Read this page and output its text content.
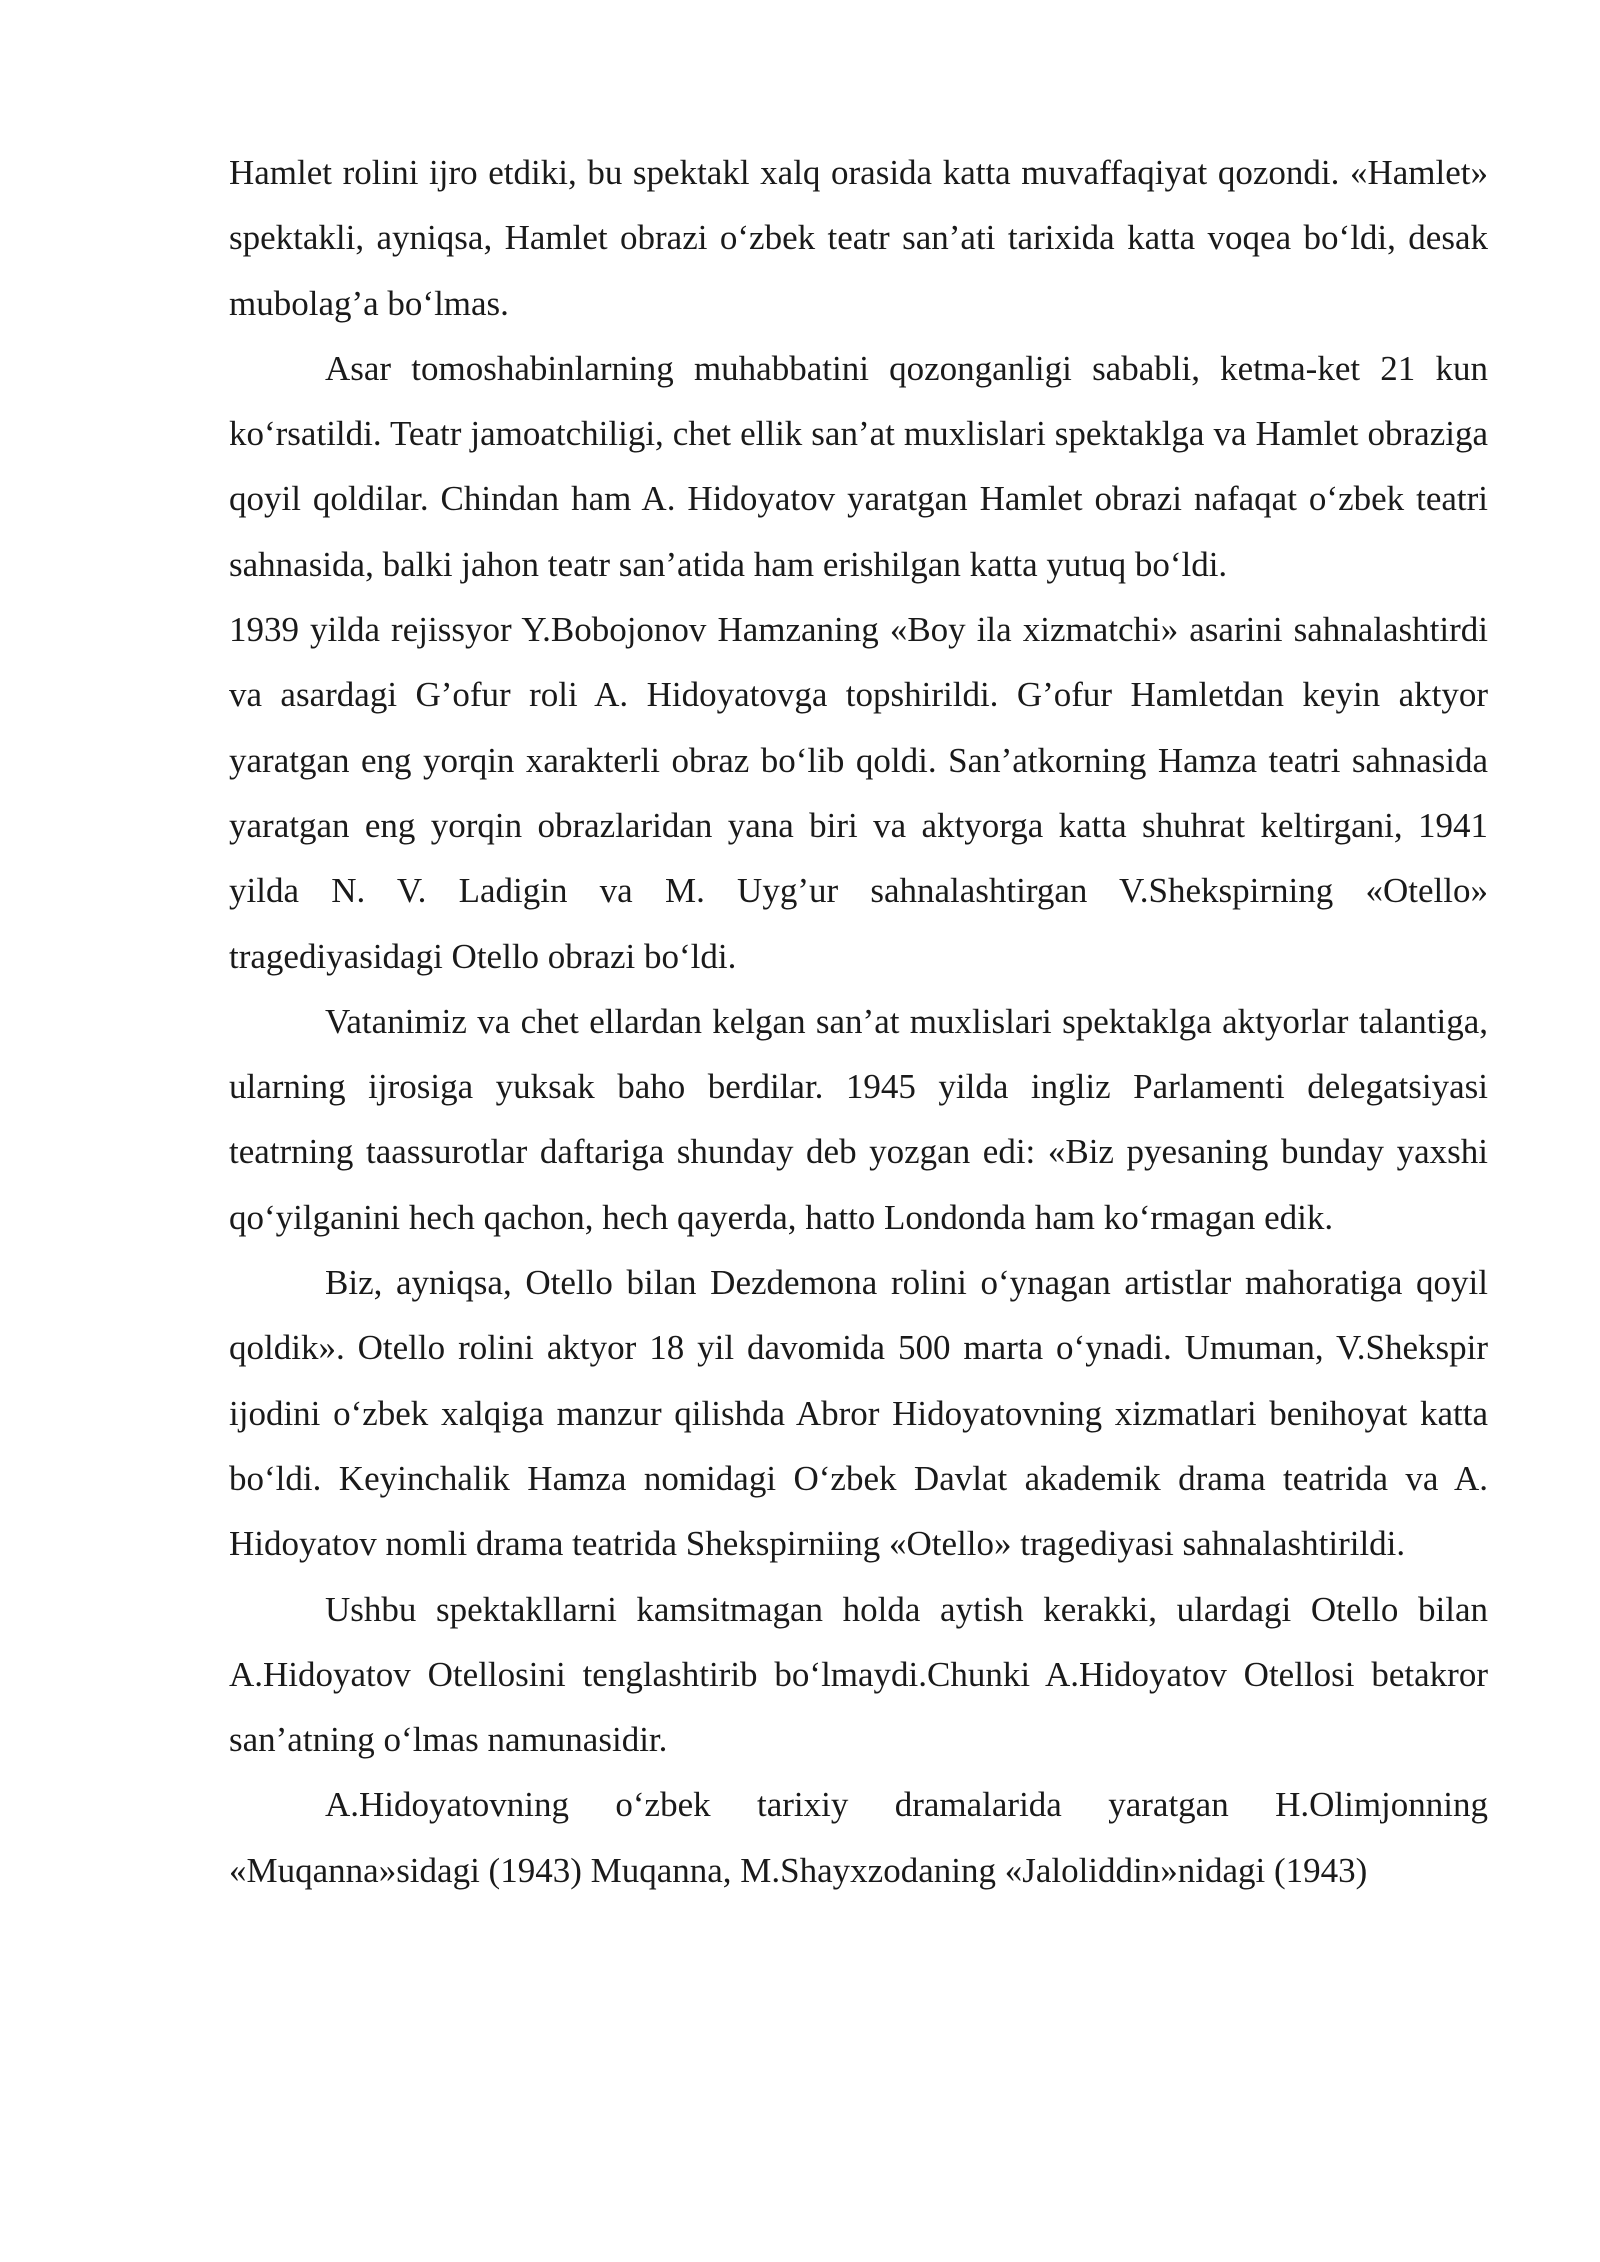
Hamlet rolini ijro etdiki, bu spektakl xalq orasida katta muvaffaqiyat qozondi. «Hamlet» spektakli, ayniqsa, Hamlet obrazi o‘zbek teatr san’ati tarixida katta voqea bo‘ldi, desak mubolag’a bo‘lmas.

Asar tomoshabinlarning muhabbatini qozonganligi sababli, ketma-ket 21 kun ko‘rsatildi. Teatr jamoatchiligi, chet ellik san’at muxlislari spektaklga va Hamlet obraziga qoyil qoldilar. Chindan ham A. Hidoyatov yaratgan Hamlet obrazi nafaqat o‘zbek teatri sahnasida, balki jahon teatr san’atida ham erishilgan katta yutuq bo‘ldi.

1939 yilda rejissyor Y.Bobojonov Hamzaning «Boy ila xizmatchi» asarini sahnalashtirdi va asardagi G’ofur roli A. Hidoyatovga topshirildi. G’ofur Hamletdan keyin aktyor yaratgan eng yorqin xarakterli obraz bo‘lib qoldi. San’atkorning Hamza teatri sahnasida yaratgan eng yorqin obrazlaridan yana biri va aktyorga katta shuhrat keltirgani, 1941 yilda N. V. Ladigin va M. Uyg’ur sahnalashtirgan V.Shekspirning «Otello» tragediyasidagi Otello obrazi bo‘ldi.

Vatanimiz va chet ellardan kelgan san’at muxlislari spektaklga aktyorlar talantiga, ularning ijrosiga yuksak baho berdilar. 1945 yilda ingliz Parlamenti delegatsiyasi teatrning taassurotlar daftariga shunday deb yozgan edi: «Biz pyesaning bunday yaxshi qo‘yilganini hech qachon, hech qayerda, hatto Londonda ham ko‘rmagan edik.

Biz, ayniqsa, Otello bilan Dezdemona rolini o‘ynagan artistlar mahoratiga qoyil qoldik». Otello rolini aktyor 18 yil davomida 500 marta o‘ynadi. Umuman, V.Shekspir ijodini o‘zbek xalqiga manzur qilishda Abror Hidoyatovning xizmatlari benihoyat katta bo‘ldi. Keyinchalik Hamza nomidagi O‘zbek Davlat akademik drama teatrida va A. Hidoyatov nomli drama teatrida Shekspirniing «Otello» tragediyasi sahnalashtirildi.

Ushbu spektakllarni kamsitmagan holda aytish kerakki, ulardagi Otello bilan A.Hidoyatov Otellosini tenglashtirib bo‘lmaydi.Chunki A.Hidoyatov Otellosi betakror san’atning o‘lmas namunasidir.

A.Hidoyatovning o‘zbek tarixiy dramalarida yaratgan H.Olimjonning «Muqanna»sidagi (1943) Muqanna, M.Shayxzodaning «Jaloliddin»nidagi (1943)
